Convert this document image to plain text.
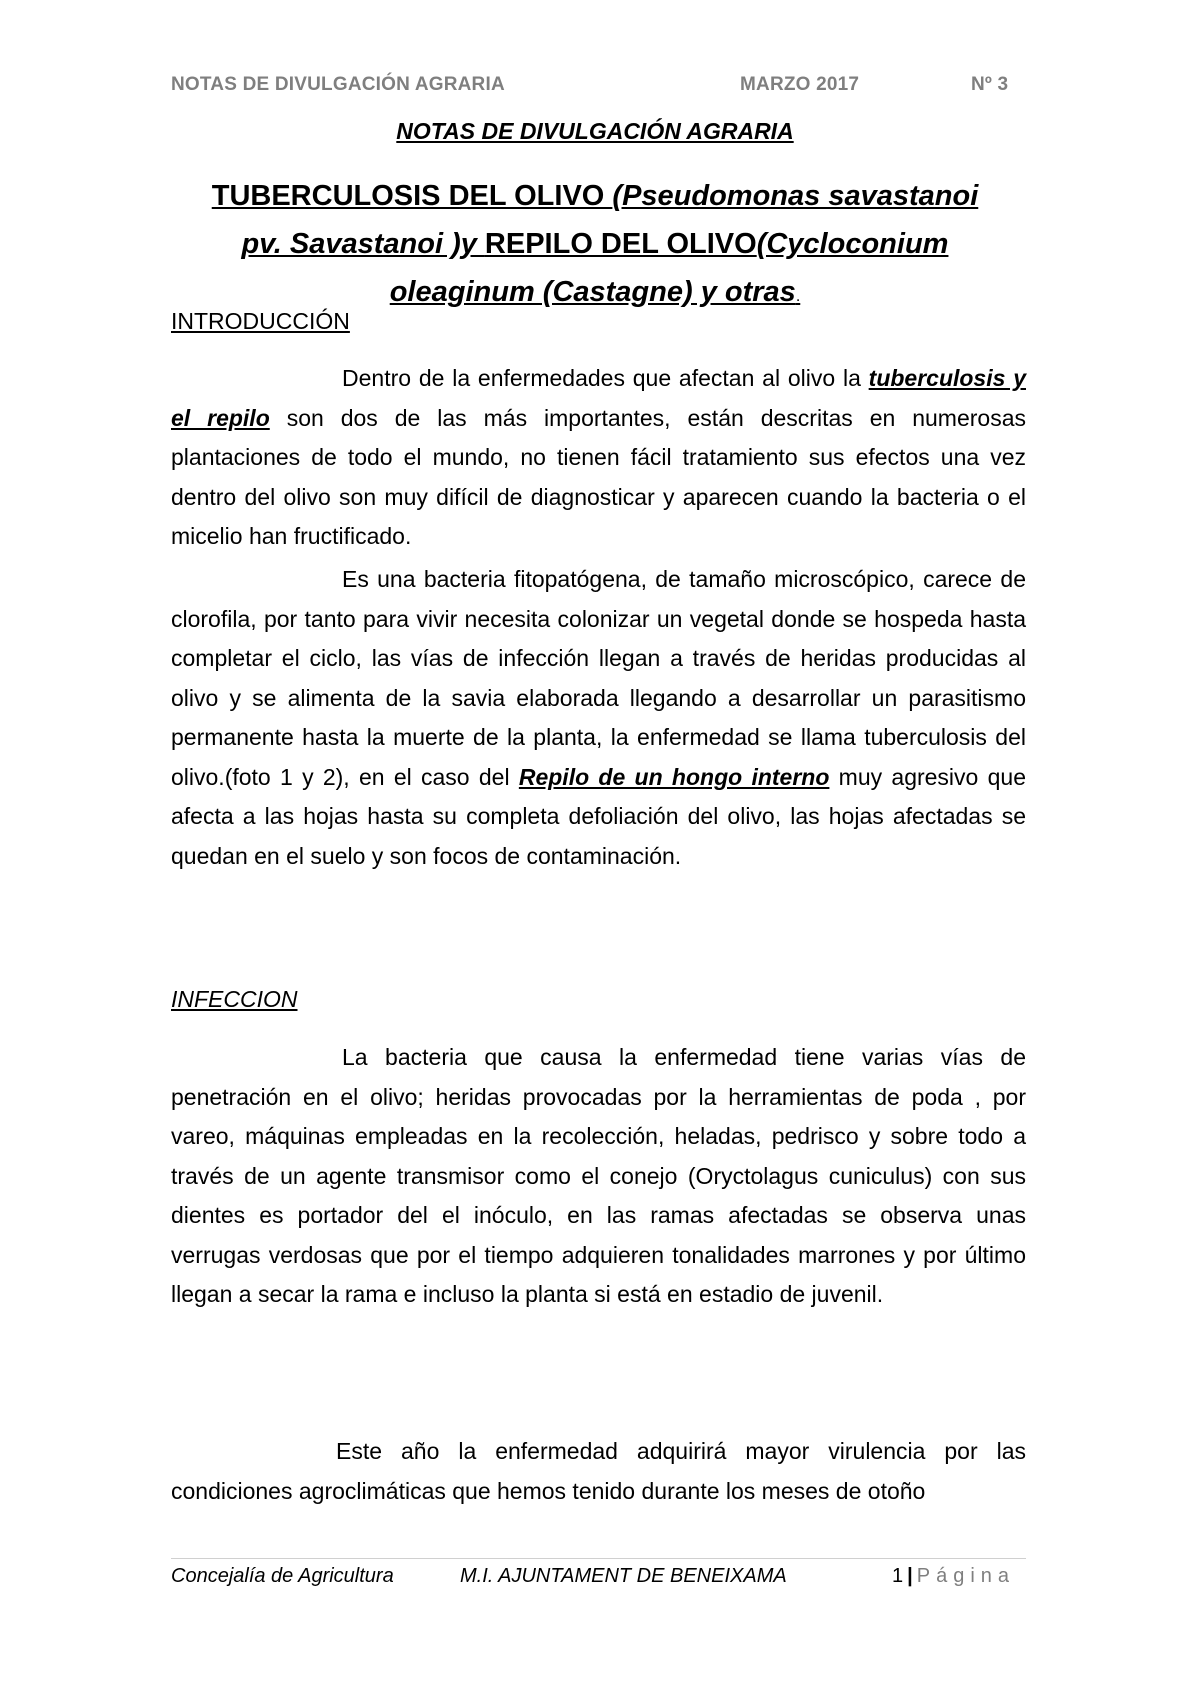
NOTAS DE DIVULGACIÓN AGRARIA	MARZO 2017	Nº 3
NOTAS DE DIVULGACIÓN AGRARIA
TUBERCULOSIS DEL OLIVO (Pseudomonas savastanoi pv. Savastanoi )y REPILO DEL OLIVO(Cycloconium oleaginum (Castagne) y otras.
INTRODUCCIÓN
Dentro de la enfermedades que afectan al olivo la tuberculosis y el repilo son dos de las más importantes, están descritas en numerosas plantaciones de todo el mundo, no tienen fácil tratamiento sus efectos una vez dentro del olivo son muy difícil de diagnosticar y aparecen cuando la bacteria o el micelio han fructificado.
Es una bacteria fitopatógena, de tamaño microscópico, carece de clorofila, por tanto para vivir necesita colonizar un vegetal donde se hospeda hasta completar el ciclo, las vías de infección llegan a través de heridas producidas al olivo y se alimenta de la savia elaborada llegando a desarrollar un parasitismo permanente hasta la muerte de la planta, la enfermedad se llama tuberculosis del olivo.(foto 1 y 2), en el caso del Repilo de un hongo interno muy agresivo que afecta a las hojas hasta su completa defoliación del olivo, las hojas afectadas se quedan en el suelo y son focos de contaminación.
INFECCION
La bacteria que causa la enfermedad tiene varias vías de penetración en el olivo; heridas provocadas por la herramientas de poda , por vareo, máquinas empleadas en la recolección, heladas, pedrisco y sobre todo a través de un agente transmisor como el conejo (Oryctolagus cuniculus) con sus dientes es portador del el inóculo, en las ramas afectadas se observa unas verrugas verdosas que por el tiempo adquieren tonalidades marrones y por último llegan a secar la rama e incluso la planta si está en estadio de juvenil.
Este año la enfermedad adquirirá mayor virulencia por las condiciones agroclimáticas que hemos tenido durante los meses de otoño
Concejalía de Agricultura	M.I. AJUNTAMENT DE BENEIXAMA	1 | Página
